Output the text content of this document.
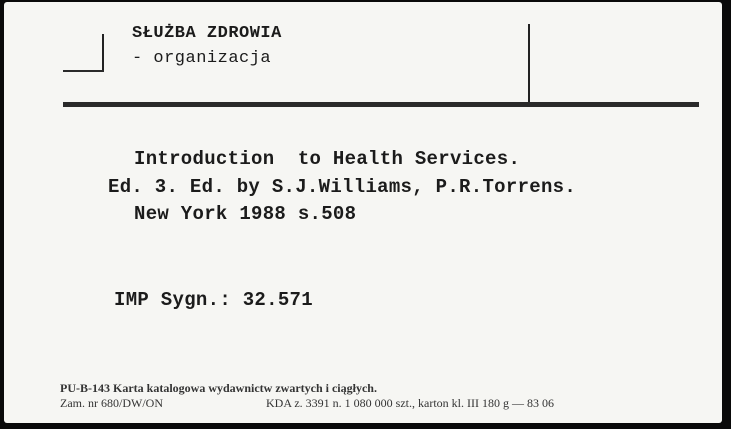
SŁUŻBA ZDROWIA
- organizacja
Introduction  to Health Services.
Ed. 3. Ed. by S.J.Williams, P.R.Torrens.
New York 1988 s.508
IMP Sygn.: 32.571
PU-B-143 Karta katalogowa wydawnictw zwartych i ciągłych.
Zam. nr 680/DW/ON	KDA z. 3391 n. 1 080 000 szt., karton kl. III 180 g — 83 06
